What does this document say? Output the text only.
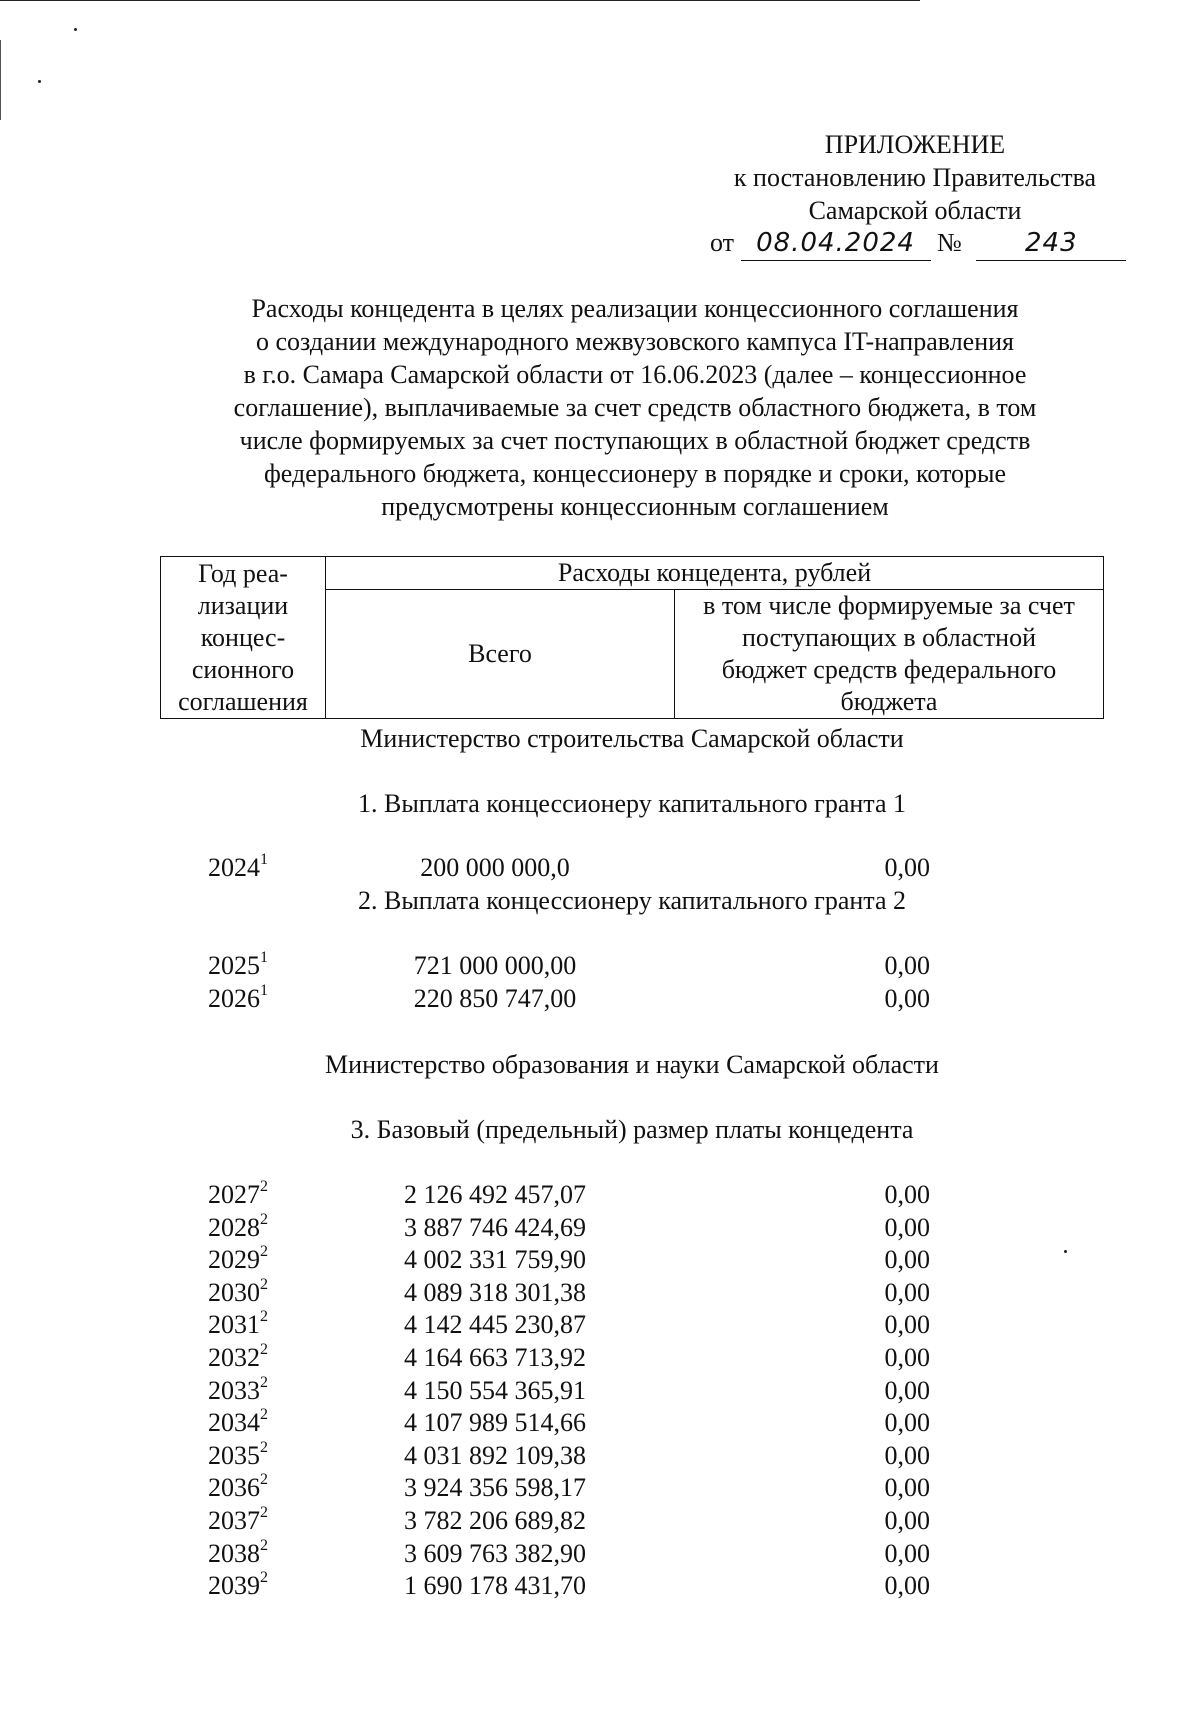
ПРИЛОЖЕНИЕ
к постановлению Правительства
Самарской области
от 08.04.2024 № 243
Расходы концедента в целях реализации концессионного соглашения
о создании международного межвузовского кампуса IT-направления
в г.о. Самара Самарской области от 16.06.2023 (далее – концессионное
соглашение), выплачиваемые за счет средств областного бюджета, в том
числе формируемых за счет поступающих в областной бюджет средств
федерального бюджета, концессионеру в порядке и сроки, которые
предусмотрены концессионным соглашением
Год реа-
лизации
концес-
сионного
соглашения	Расходы концедента, рублей	
	Всего	в том числе формируемые за счет
поступающих в областной
бюджет средств федерального
бюджета
Министерство строительства Самарской области
1. Выплата концессионеру капитального гранта 1
2024$^1$	200 000 000,0	0,00
2. Выплата концессионеру капитального гранта 2
2025$^1$	721 000 000,00	0,00
2026$^1$	220 850 747,00	0,00
Министерство образования и науки Самарской области
3. Базовый (предельный) размер платы концедента
2027$^2$	2 126 492 457,07	0,00
2028$^2$	3 887 746 424,69	0,00
2029$^2$	4 002 331 759,90	0,00
2030$^2$	4 089 318 301,38	0,00
2031$^2$	4 142 445 230,87	0,00
2032$^2$	4 164 663 713,92	0,00
2033$^2$	4 150 554 365,91	0,00
2034$^2$	4 107 989 514,66	0,00
2035$^2$	4 031 892 109,38	0,00
2036$^2$	3 924 356 598,17	0,00
2037$^2$	3 782 206 689,82	0,00
2038$^2$	3 609 763 382,90	0,00
2039$^2$	1 690 178 431,70	0,00
